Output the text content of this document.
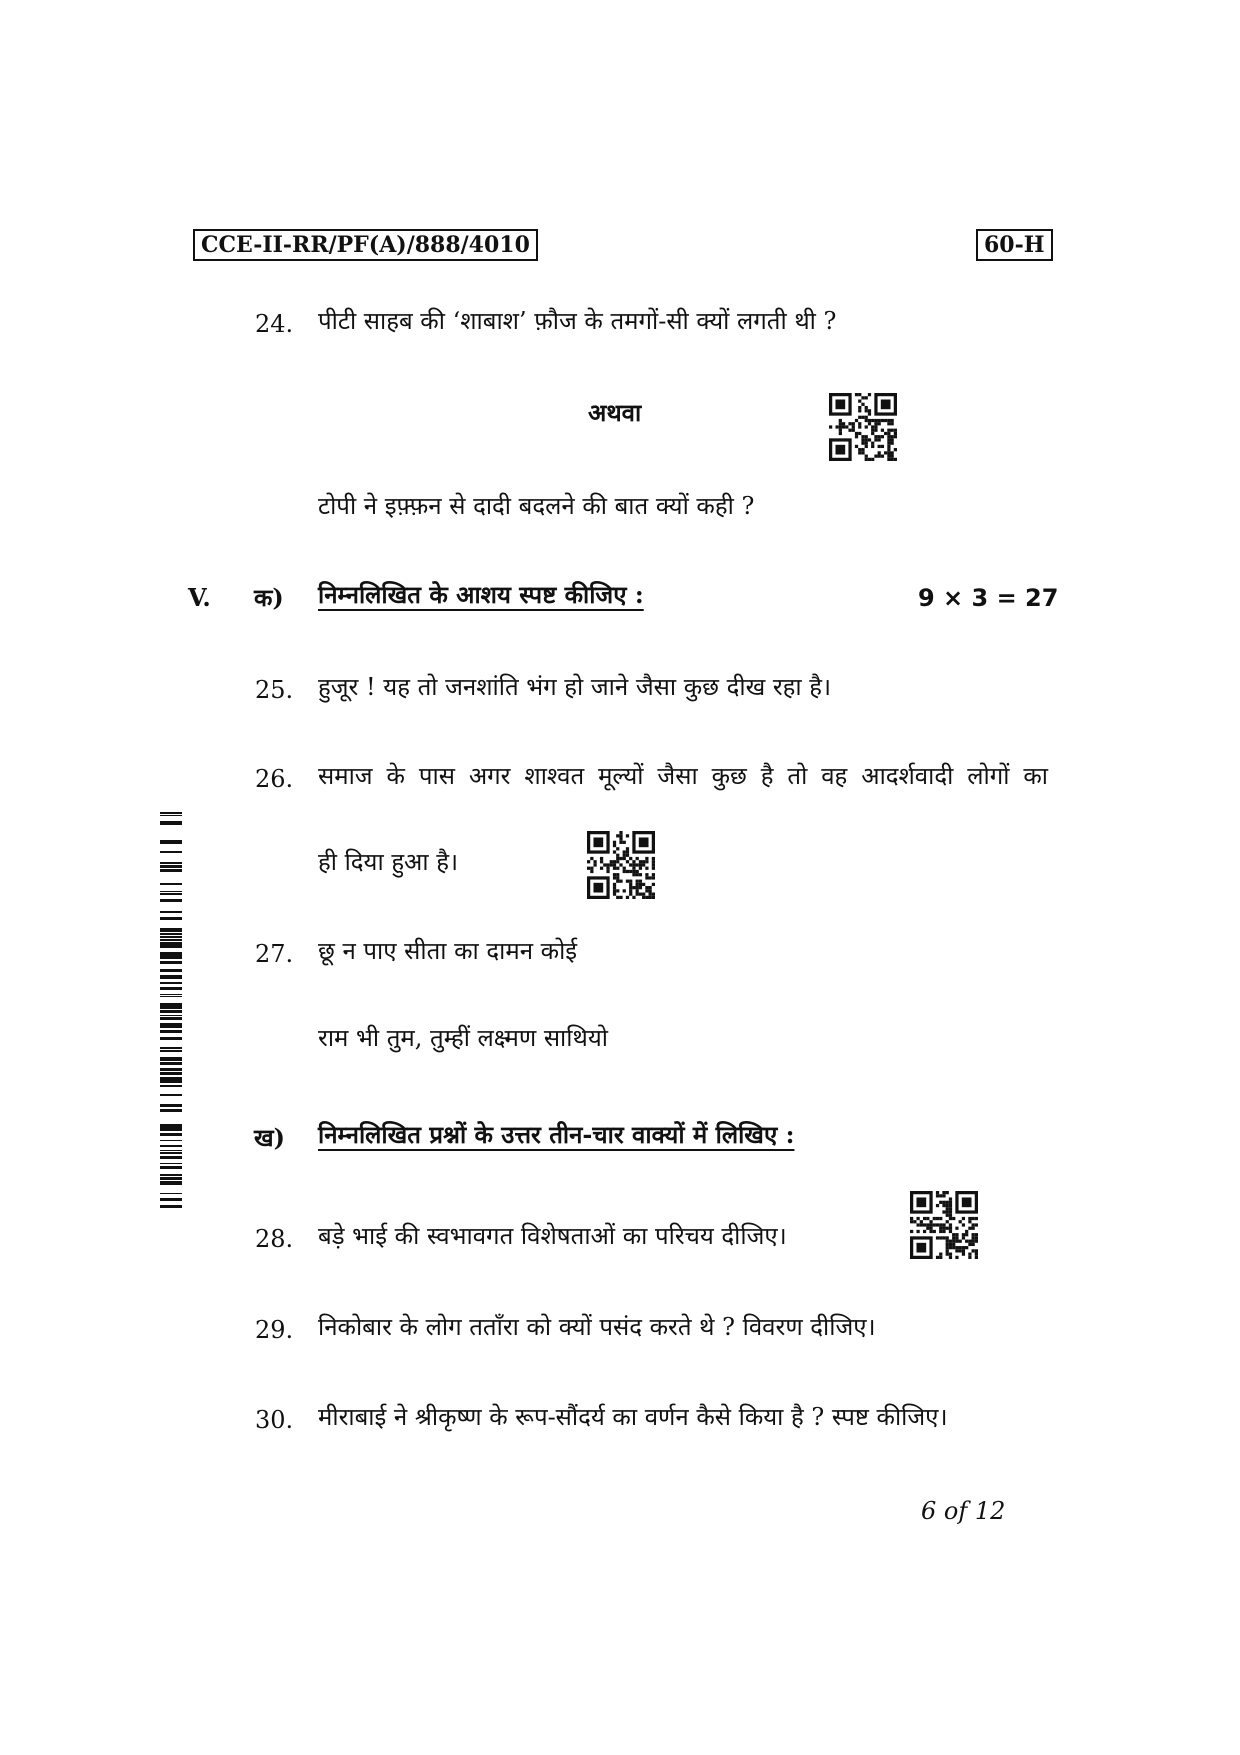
CCE-II-RR/PF(A)/888/4010	60-H
24. पीटी साहब की ‘शाबाश’ फ़ौज के तमगों-सी क्यों लगती थी ?
अथवा
टोपी ने इफ़्फ़न से दादी बदलने की बात क्यों कही ?
V. क) निम्नलिखित के आशय स्पष्ट कीजिए :	9 × 3 = 27
25. हुजूर ! यह तो जनशांति भंग हो जाने जैसा कुछ दीख रहा है।
26. समाज के पास अगर शाश्वत मूल्यों जैसा कुछ है तो वह आदर्शवादी लोगों का
ही दिया हुआ है।
27. छू न पाए सीता का दामन कोई
राम भी तुम, तुम्हीं लक्ष्मण साथियो
ख) निम्नलिखित प्रश्नों के उत्तर तीन-चार वाक्यों में लिखिए :
28. बड़े भाई की स्वभावगत विशेषताओं का परिचय दीजिए।
29. निकोबार के लोग तताँरा को क्यों पसंद करते थे ? विवरण दीजिए।
30. मीराबाई ने श्रीकृष्ण के रूप-सौंदर्य का वर्णन कैसे किया है ? स्पष्ट कीजिए।
6 of 12
